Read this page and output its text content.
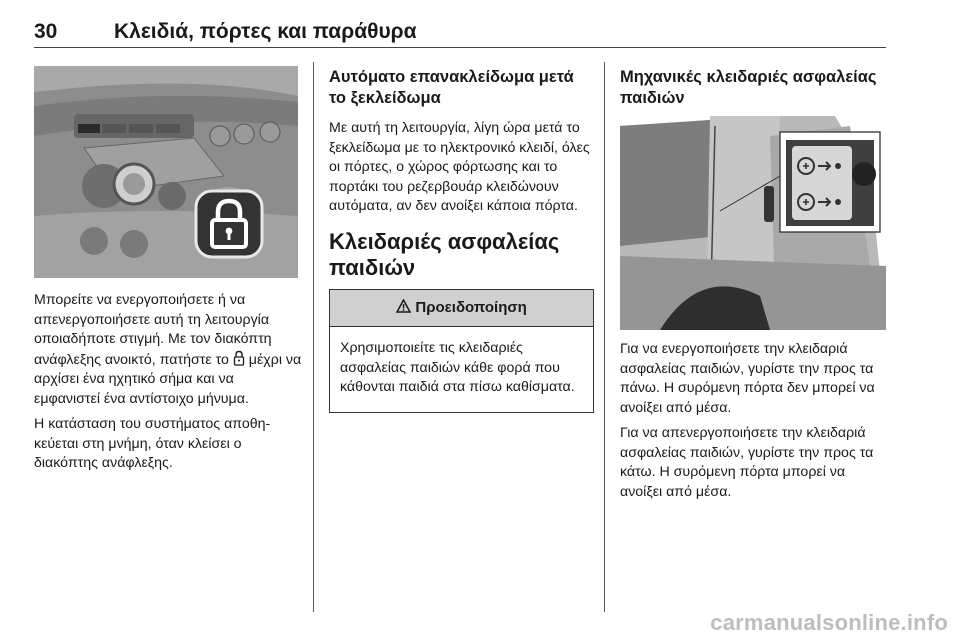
30	Κλειδιά, πόρτες και παράθυρα

Μπορείτε να ενεργοποιήσετε ή να απενεργοποιήσετε αυτή τη λειτουργία οποιαδήποτε στιγμή. Με τον διακόπτη ανάφλεξης ανοικτό, πατήστε το μέχρι να αρχίσει ένα ηχητικό σήμα και να εμφανιστεί ένα αντίστοιχο μήνυμα.

Η κατάσταση του συστήματος αποθηκεύεται στη μνήμη, όταν κλείσει ο διακόπτης ανάφλεξης.

Αυτόματο επανακλείδωμα μετά το ξεκλείδωμα

Με αυτή τη λειτουργία, λίγη ώρα μετά το ξεκλείδωμα με το ηλεκτρονικό κλειδί, όλες οι πόρτες, ο χώρος φόρτωσης και το πορτάκι του ρεζερβουάρ κλειδώνουν αυτόματα, αν δεν ανοίξει κάποια πόρτα.

Κλειδαριές ασφαλείας παιδιών
Προειδοποίηση
Χρησιμοποιείτε τις κλειδαριές ασφαλείας παιδιών κάθε φορά που κάθονται παιδιά στα πίσω καθίσματα.
Μηχανικές κλειδαριές ασφαλείας παιδιών

Για να ενεργοποιήσετε την κλειδαριά ασφαλείας παιδιών, γυρίστε την προς τα πάνω. Η συρόμενη πόρτα δεν μπορεί να ανοίξει από μέσα.

Για να απενεργοποιήσετε την κλειδαριά ασφαλείας παιδιών, γυρίστε την προς τα κάτω. Η συρόμενη πόρτα μπορεί να ανοίξει από μέσα.

carmanualsonline.info
